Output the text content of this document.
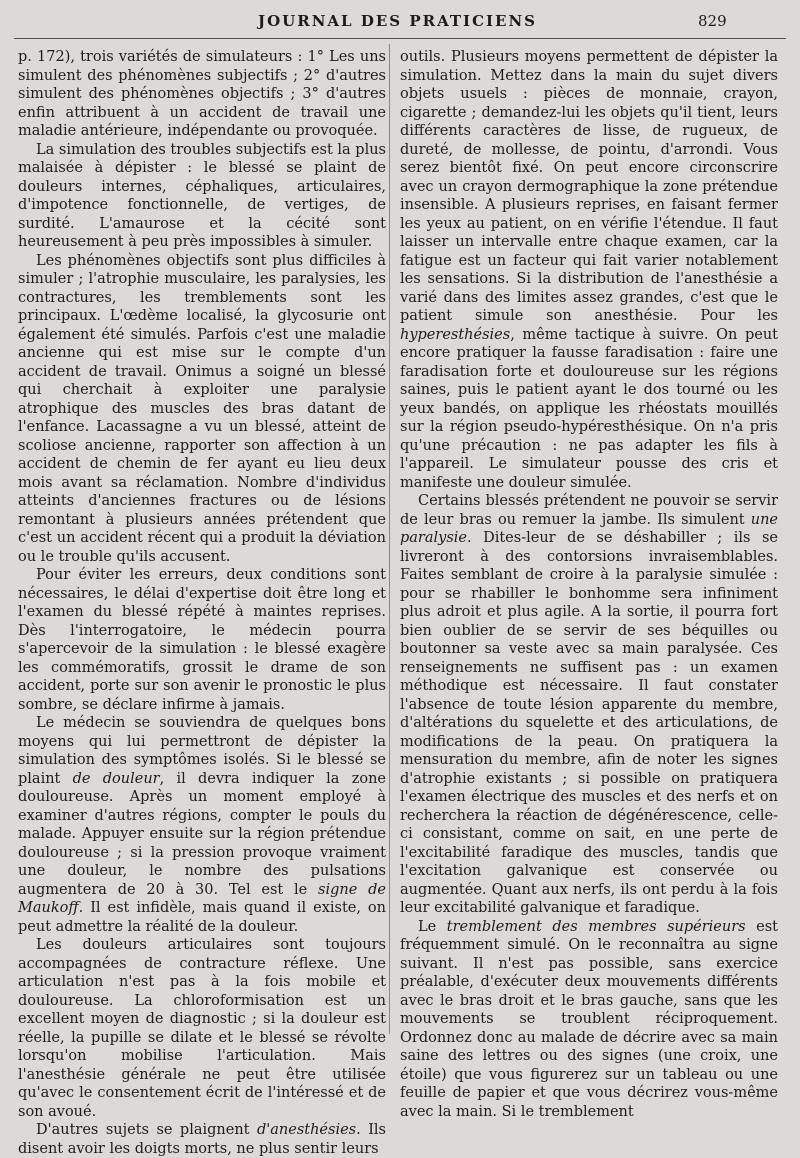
JOURNAL DES PRATICIENS	829

p. 172), trois variétés de simulateurs : 1° Les uns simulent des phénomènes subjectifs ; 2° d'autres simulent des phénomènes objectifs ; 3° d'autres enfin attribuent à un accident de travail une maladie antérieure, indépendante ou provoquée.

La simulation des troubles subjectifs est la plus malaisée à dépister : le blessé se plaint de douleurs internes, céphaliques, articulaires, d'impotence fonctionnelle, de vertiges, de surdité. L'amaurose et la cécité sont heureusement à peu près impossibles à simuler.

Les phénomènes objectifs sont plus difficiles à simuler ; l'atrophie musculaire, les paralysies, les contractures, les tremblements sont les principaux. L'œdème localisé, la glycosurie ont également été simulés. Parfois c'est une maladie ancienne qui est mise sur le compte d'un accident de travail. Onimus a soigné un blessé qui cherchait à exploiter une paralysie atrophique des muscles des bras datant de l'enfance. Lacassagne a vu un blessé, atteint de scoliose ancienne, rapporter son affection à un accident de chemin de fer ayant eu lieu deux mois avant sa réclamation. Nombre d'individus atteints d'anciennes fractures ou de lésions remontant à plusieurs années prétendent que c'est un accident récent qui a produit la déviation ou le trouble qu'ils accusent.

Pour éviter les erreurs, deux conditions sont nécessaires, le délai d'expertise doit être long et l'examen du blessé répété à maintes reprises. Dès l'interrogatoire, le médecin pourra s'apercevoir de la simulation : le blessé exagère les commémoratifs, grossit le drame de son accident, porte sur son avenir le pronostic le plus sombre, se déclare infirme à jamais.

Le médecin se souviendra de quelques bons moyens qui lui permettront de dépister la simulation des symptômes isolés. Si le blessé se plaint de douleur, il devra indiquer la zone douloureuse. Après un moment employé à examiner d'autres régions, compter le pouls du malade. Appuyer ensuite sur la région prétendue douloureuse ; si la pression provoque vraiment une douleur, le nombre des pulsations augmentera de 20 à 30. Tel est le signe de Maukoff. Il est infidèle, mais quand il existe, on peut admettre la réalité de la douleur.

Les douleurs articulaires sont toujours accompagnées de contracture réflexe. Une articulation n'est pas à la fois mobile et douloureuse. La chloroformisation est un excellent moyen de diagnostic ; si la douleur est réelle, la pupille se dilate et le blessé se révolte lorsqu'on mobilise l'articulation. Mais l'anesthésie générale ne peut être utilisée qu'avec le consentement écrit de l'intéressé et de son avoué.

D'autres sujets se plaignent d'anesthésies. Ils disent avoir les doigts morts, ne plus sentir leurs

outils. Plusieurs moyens permettent de dépister la simulation. Mettez dans la main du sujet divers objets usuels : pièces de monnaie, crayon, cigarette ; demandez-lui les objets qu'il tient, leurs différents caractères de lisse, de rugueux, de dureté, de mollesse, de pointu, d'arrondi. Vous serez bientôt fixé. On peut encore circonscrire avec un crayon dermographique la zone prétendue insensible. A plusieurs reprises, en faisant fermer les yeux au patient, on en vérifie l'étendue. Il faut laisser un intervalle entre chaque examen, car la fatigue est un facteur qui fait varier notablement les sensations. Si la distribution de l'anesthésie a varié dans des limites assez grandes, c'est que le patient simule son anesthésie. Pour les hyperesthésies, même tactique à suivre. On peut encore pratiquer la fausse faradisation : faire une faradisation forte et douloureuse sur les régions saines, puis le patient ayant le dos tourné ou les yeux bandés, on applique les rhéostats mouillés sur la région pseudo-hypéresthésique. On n'a pris qu'une précaution : ne pas adapter les fils à l'appareil. Le simulateur pousse des cris et manifeste une douleur simulée.

Certains blessés prétendent ne pouvoir se servir de leur bras ou remuer la jambe. Ils simulent une paralysie. Dites-leur de se déshabiller ; ils se livreront à des contorsions invraisemblables. Faites semblant de croire à la paralysie simulée : pour se rhabiller le bonhomme sera infiniment plus adroit et plus agile. A la sortie, il pourra fort bien oublier de se servir de ses béquilles ou boutonner sa veste avec sa main paralysée. Ces renseignements ne suffisent pas : un examen méthodique est nécessaire. Il faut constater l'absence de toute lésion apparente du membre, d'altérations du squelette et des articulations, de modifications de la peau. On pratiquera la mensuration du membre, afin de noter les signes d'atrophie existants ; si possible on pratiquera l'examen électrique des muscles et des nerfs et on recherchera la réaction de dégénérescence, celle-ci consistant, comme on sait, en une perte de l'excitabilité faradique des muscles, tandis que l'excitation galvanique est conservée ou augmentée. Quant aux nerfs, ils ont perdu à la fois leur excitabilité galvanique et faradique.

Le tremblement des membres supérieurs est fréquemment simulé. On le reconnaîtra au signe suivant. Il n'est pas possible, sans exercice préalable, d'exécuter deux mouvements différents avec le bras droit et le bras gauche, sans que les mouvements se troublent réciproquement. Ordonnez donc au malade de décrire avec sa main saine des lettres ou des signes (une croix, une étoile) que vous figurerez sur un tableau ou une feuille de papier et que vous décrirez vous-même avec la main. Si le tremblement
